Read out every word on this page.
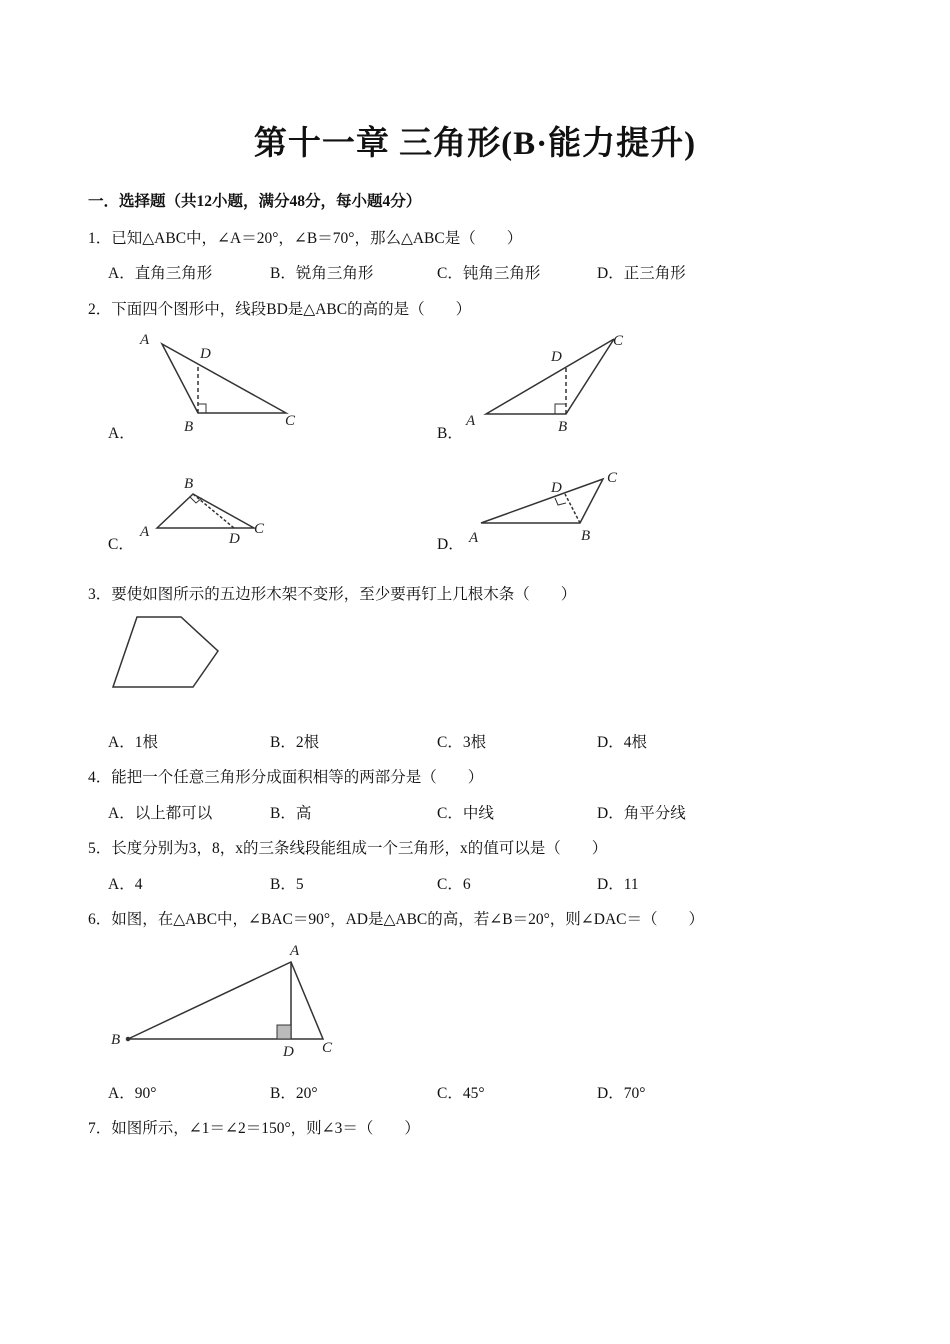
第十一章 三角形(B·能力提升)
一．选择题（共12小题，满分48分，每小题4分）
1．已知△ABC中，∠A＝20°，∠B＝70°，那么△ABC是（　　）
A．直角三角形	B．锐角三角形	C．钝角三角形	D．正三角形
2．下面四个图形中，线段BD是△ABC的高的是（　　）
A．	B．
C．	D．
3．要使如图所示的五边形木架不变形，至少要再钉上几根木条（　　）
A．1根	B．2根	C．3根	D．4根
4．能把一个任意三角形分成面积相等的两部分是（　　）
A．以上都可以	B．高	C．中线	D．角平分线
5．长度分别为3，8，x的三条线段能组成一个三角形，x的值可以是（　　）
A．4	B．5	C．6	D．11
6．如图，在△ABC中，∠BAC＝90°，AD是△ABC的高，若∠B＝20°，则∠DAC＝（　　）
A．90°	B．20°	C．45°	D．70°
7．如图所示，∠1＝∠2＝150°，则∠3＝（　　）
A
D
B	C	A	B
C
D
B
A	D
C
D
C
A	B
A
B
D C
